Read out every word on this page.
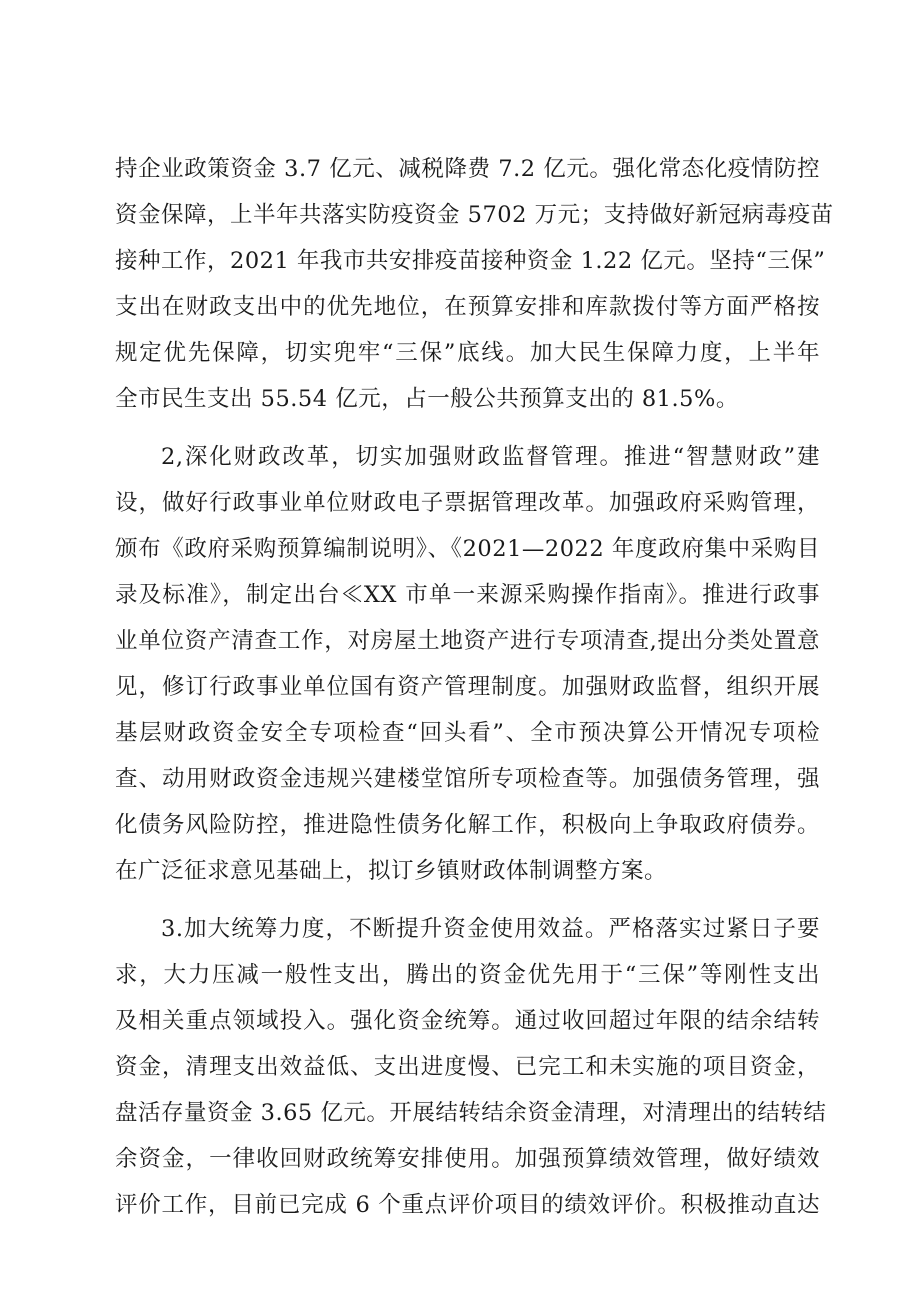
持企业政策资金 3.7 亿元、减税降费 7.2 亿元。强化常态化疫情防控
资金保障，上半年共落实防疫资金 5702 万元；支持做好新冠病毒疫苗
接种工作，2021 年我市共安排疫苗接种资金 1.22 亿元。坚持“三保”
支出在财政支出中的优先地位，在预算安排和库款拨付等方面严格按
规定优先保障，切实兜牢“三保”底线。加大民生保障力度，上半年
全市民生支出 55.54 亿元，占一般公共预算支出的 81.5%。
2,深化财政改革，切实加强财政监督管理。推进“智慧财政”建
设，做好行政事业单位财政电子票据管理改革。加强政府采购管理，
颁布《政府采购预算编制说明》、《2021—2022 年度政府集中采购目
录及标准》，制定出台≪XX 市单一来源采购操作指南》。推进行政事
业单位资产清查工作，对房屋土地资产进行专项清查,提出分类处置意
见，修订行政事业单位国有资产管理制度。加强财政监督，组织开展
基层财政资金安全专项检查“回头看”、全市预决算公开情况专项检
查、动用财政资金违规兴建楼堂馆所专项检查等。加强债务管理，强
化债务风险防控，推进隐性债务化解工作，积极向上争取政府债券。
在广泛征求意见基础上，拟订乡镇财政体制调整方案。
3.加大统筹力度，不断提升资金使用效益。严格落实过紧日子要
求，大力压减一般性支出，腾出的资金优先用于“三保”等刚性支出
及相关重点领域投入。强化资金统筹。通过收回超过年限的结余结转
资金，清理支出效益低、支出进度慢、已完工和未实施的项目资金，
盘活存量资金 3.65 亿元。开展结转结余资金清理，对清理出的结转结
余资金，一律收回财政统筹安排使用。加强预算绩效管理，做好绩效
评价工作，目前已完成 6 个重点评价项目的绩效评价。积极推动直达
